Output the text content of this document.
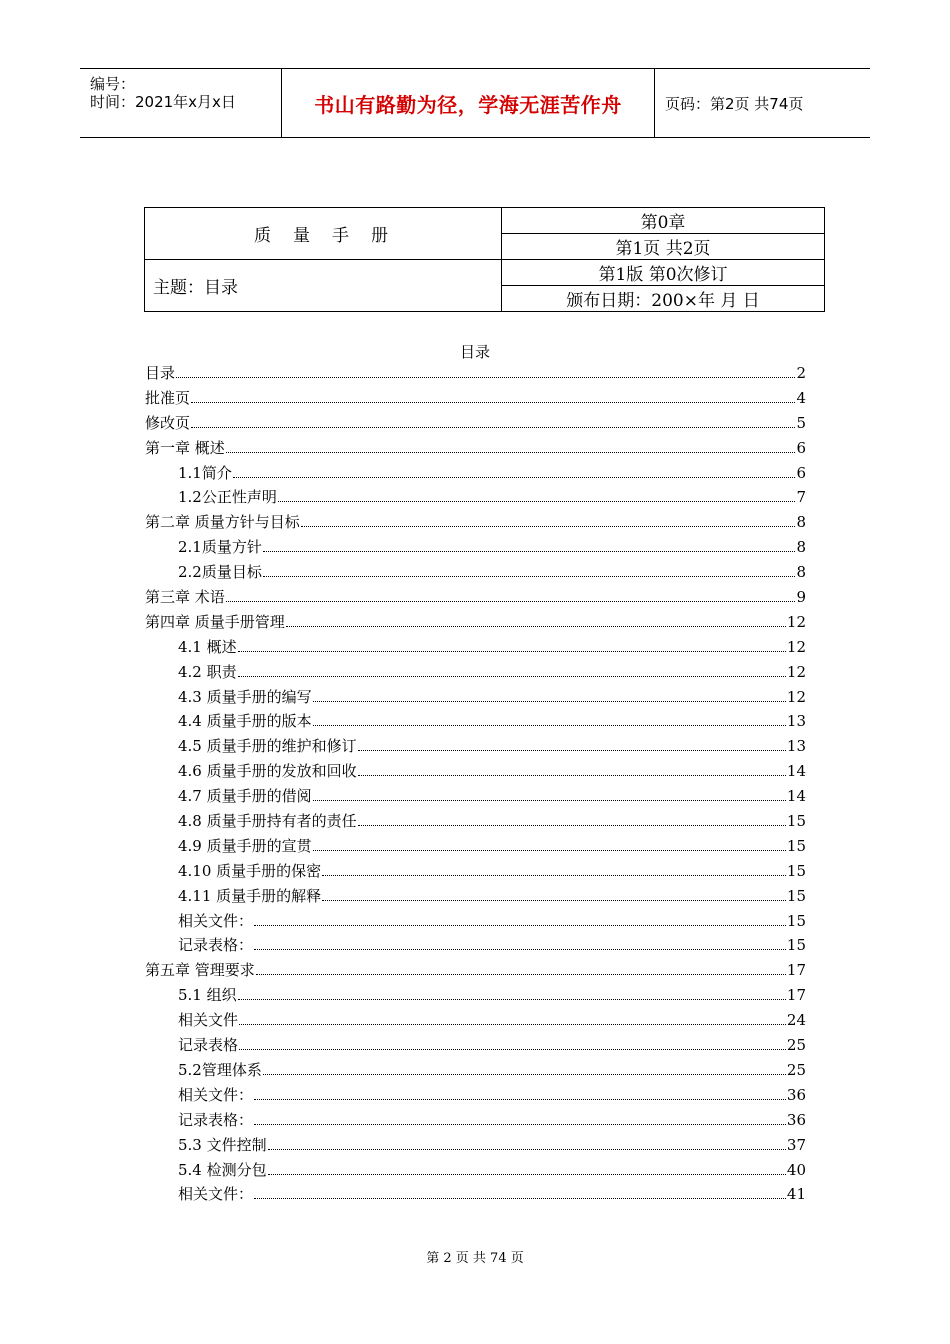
编号：
时间：2021年x月x日	书山有路勤为径，学海无涯苦作舟	页码：第2页 共74页
质量手册	第0章
	第1页 共2页
主题：目录	第1版 第0次修订
	颁布日期：200×年 月 日
目录
目录	2
批准页	4
修改页	5
第一章 概述	6
1.1简介	6
1.2公正性声明	7
第二章 质量方针与目标	8
2.1质量方针	8
2.2质量目标	8
第三章 术语	9
第四章 质量手册管理	12
4.1 概述	12
4.2 职责	12
4.3 质量手册的编写	12
4.4 质量手册的版本	13
4.5 质量手册的维护和修订	13
4.6 质量手册的发放和回收	14
4.7 质量手册的借阅	14
4.8 质量手册持有者的责任	15
4.9 质量手册的宣贯	15
4.10 质量手册的保密	15
4.11 质量手册的解释	15
相关文件：	15
记录表格：	15
第五章 管理要求	17
5.1 组织	17
相关文件	24
记录表格	25
5.2管理体系	25
相关文件：	36
记录表格：	36
5.3 文件控制	37
5.4 检测分包	40
相关文件：	41
第 2 页 共 74 页
